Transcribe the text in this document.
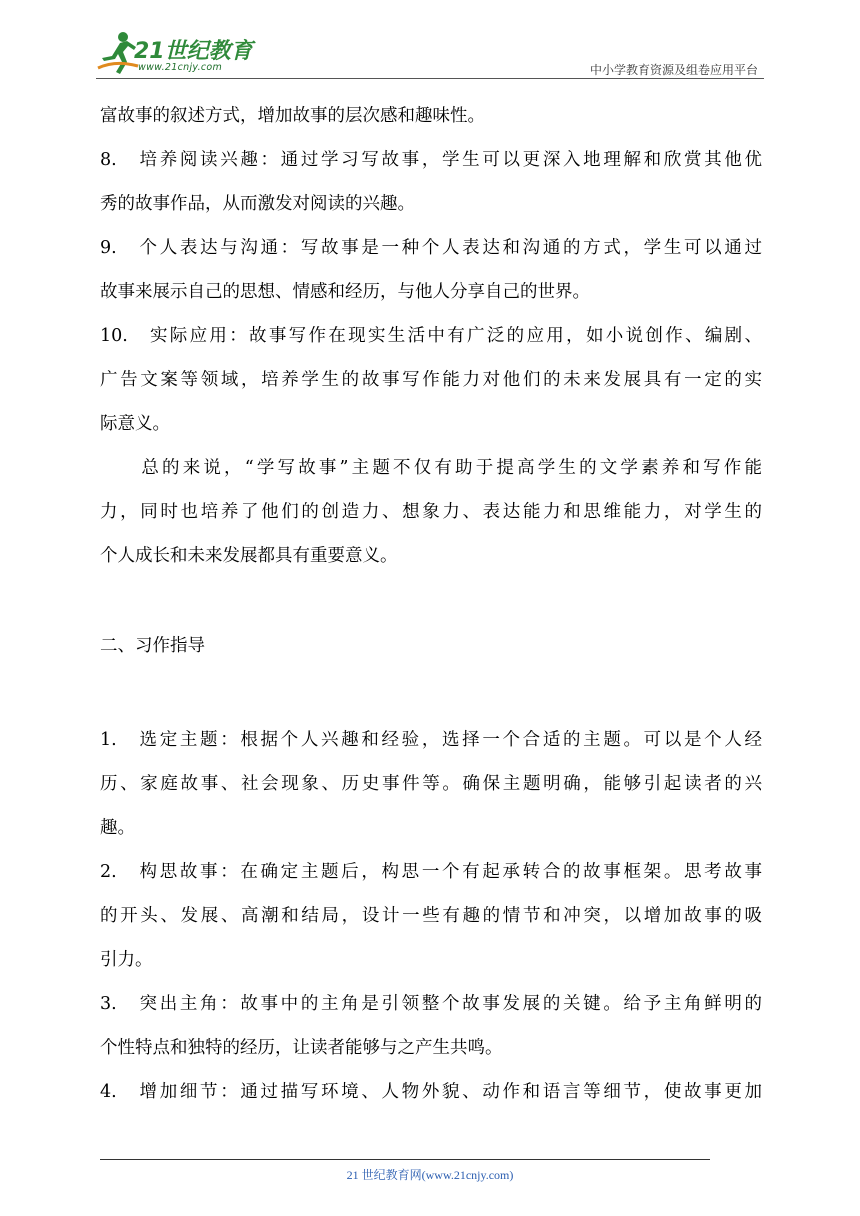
21世纪教育
www.21cnjy.com	中小学教育资源及组卷应用平台
富故事的叙述方式，增加故事的层次感和趣味性。
8.　培养阅读兴趣：通过学习写故事，学生可以更深入地理解和欣赏其他优
秀的故事作品，从而激发对阅读的兴趣。
9.　个人表达与沟通：写故事是一种个人表达和沟通的方式，学生可以通过
故事来展示自己的思想、情感和经历，与他人分享自己的世界。
10.　实际应用：故事写作在现实生活中有广泛的应用，如小说创作、编剧、
广告文案等领域，培养学生的故事写作能力对他们的未来发展具有一定的实
际意义。
　　总的来说，“学写故事”主题不仅有助于提高学生的文学素养和写作能
力，同时也培养了他们的创造力、想象力、表达能力和思维能力，对学生的
个人成长和未来发展都具有重要意义。
二、习作指导
1.　选定主题：根据个人兴趣和经验，选择一个合适的主题。可以是个人经
历、家庭故事、社会现象、历史事件等。确保主题明确，能够引起读者的兴
趣。
2.　构思故事：在确定主题后，构思一个有起承转合的故事框架。思考故事
的开头、发展、高潮和结局，设计一些有趣的情节和冲突，以增加故事的吸
引力。
3.　突出主角：故事中的主角是引领整个故事发展的关键。给予主角鲜明的
个性特点和独特的经历，让读者能够与之产生共鸣。
4.　增加细节：通过描写环境、人物外貌、动作和语言等细节，使故事更加
21 世纪教育网(www.21cnjy.com)
